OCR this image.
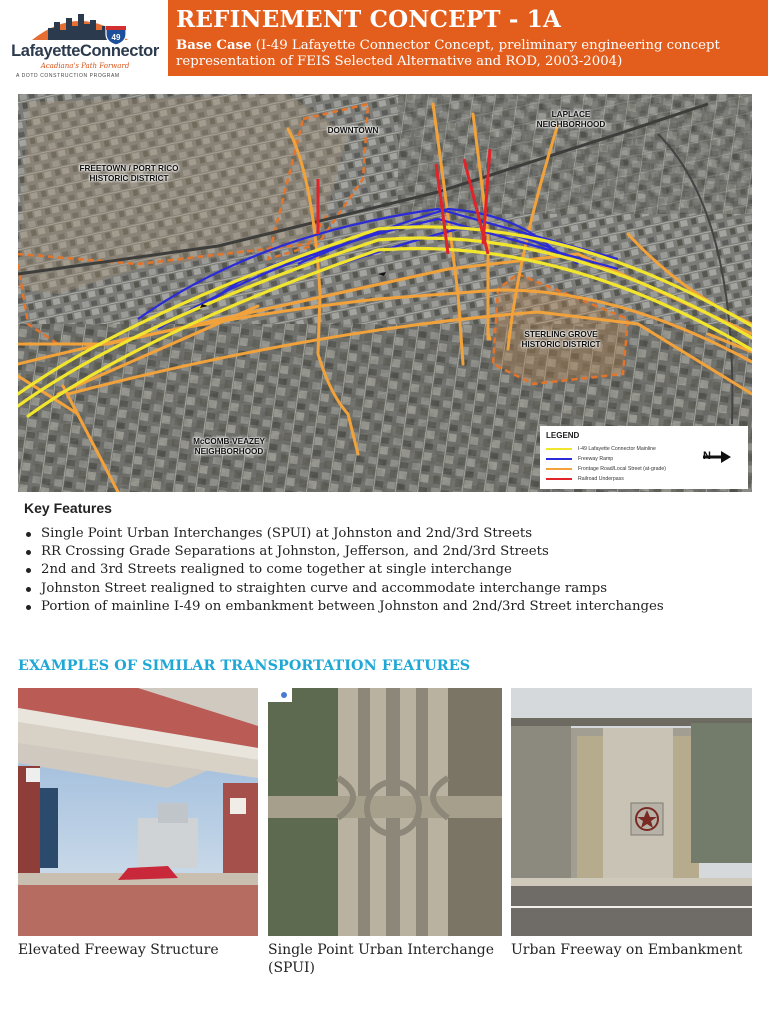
49
LafayetteConnector
Acadiana's Path Forward
A DOTD CONSTRUCTION PROGRAM
REFINEMENT CONCEPT - 1A
Base Case (I-49 Lafayette Connector Concept, preliminary engineering concept representation of FEIS Selected Alternative and ROD, 2003-2004)
DOWNTOWN
LAPLACE
NEIGHBORHOOD
FREETOWN / PORT RICO
HISTORIC DISTRICT
STERLING GROVE
HISTORIC DISTRICT
McCOMB-VEAZEY
NEIGHBORHOOD
LEGEND
I-49 Lafayette Connector Mainline
Freeway Ramp
Frontage Road/Local Street (at-grade)
Railroad Underpass
Key Features
Single Point Urban Interchanges (SPUI) at Johnston and 2nd/3rd Streets
RR Crossing Grade Separations at Johnston, Jefferson, and 2nd/3rd Streets
2nd and 3rd Streets realigned to come together at single interchange
Johnston Street realigned to straighten curve and accommodate interchange ramps
Portion of mainline I-49 on embankment between Johnston and 2nd/3rd Street interchanges
EXAMPLES OF SIMILAR TRANSPORTATION FEATURES
Elevated Freeway Structure	Single Point Urban Interchange (SPUI)
Urban Freeway on Embankment
